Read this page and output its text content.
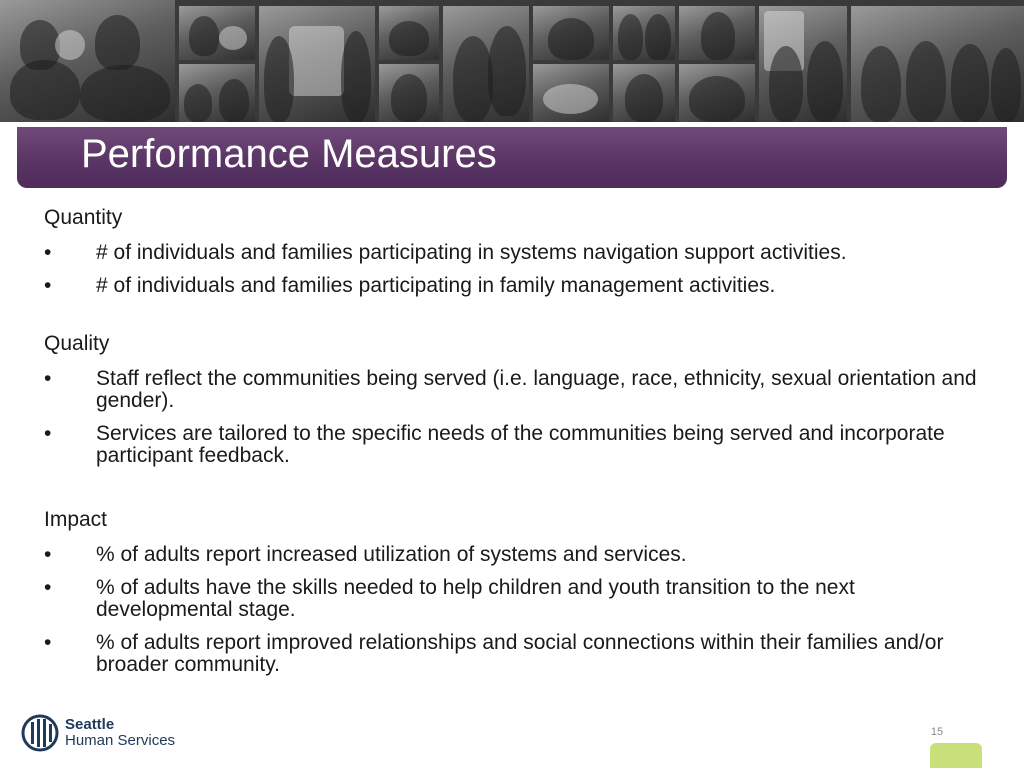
Performance Measures
Quantity
• # of individuals and families participating in systems navigation support activities.
• # of individuals and families participating in family management activities.
Quality
• Staff reflect the communities being served (i.e. language, race, ethnicity, sexual orientation and gender).
• Services are tailored to the specific needs of the communities being served and incorporate participant feedback.
Impact
• % of adults report increased utilization of systems and services.
• % of adults have the skills needed to help children and youth transition to the next developmental stage.
• % of adults report improved relationships and social connections within their families and/or broader community.
Seattle
Human Services	15
